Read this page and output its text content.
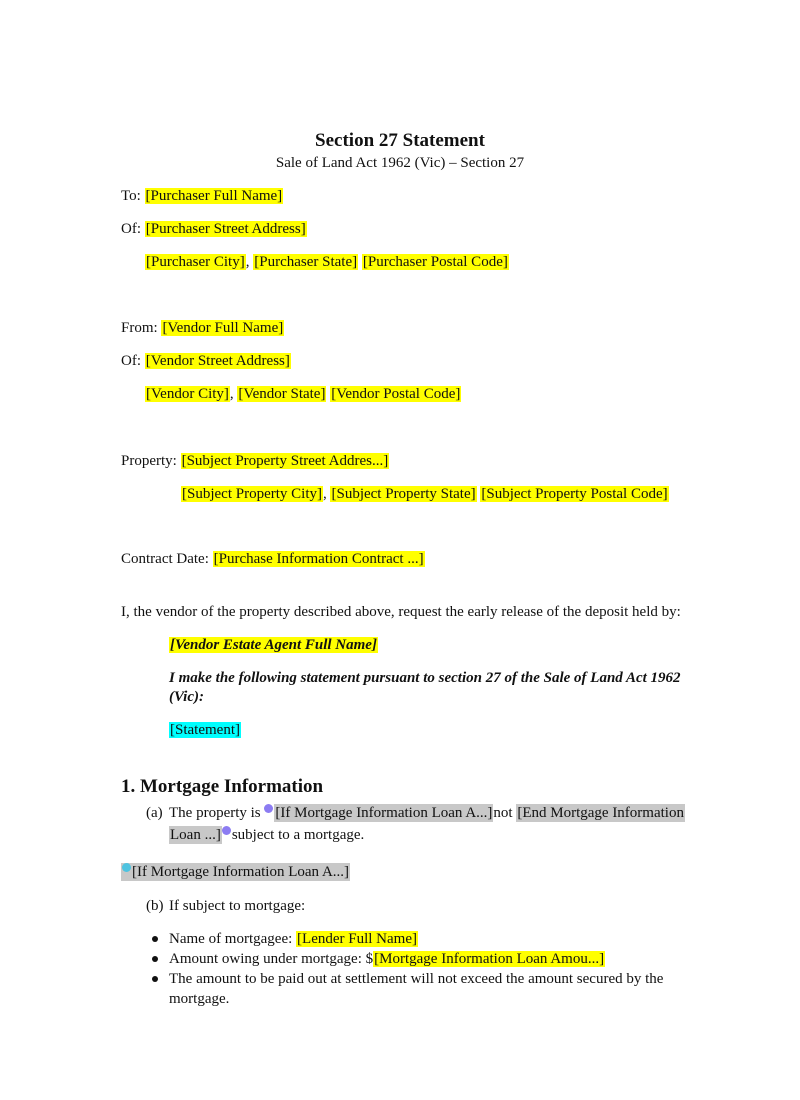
Section 27 Statement
Sale of Land Act 1962 (Vic) – Section 27
To: [Purchaser Full Name]
Of: [Purchaser Street Address]
[Purchaser City], [Purchaser State] [Purchaser Postal Code]
From: [Vendor Full Name]
Of: [Vendor Street Address]
[Vendor City], [Vendor State] [Vendor Postal Code]
Property: [Subject Property Street Addres...]
[Subject Property City], [Subject Property State] [Subject Property Postal Code]
Contract Date: [Purchase Information Contract ...]
I, the vendor of the property described above, request the early release of the deposit held by:
[Vendor Estate Agent Full Name]
I make the following statement pursuant to section 27 of the Sale of Land Act 1962
(Vic):
[Statement]
1. Mortgage Information
(a) The property is [If Mortgage Information Loan A...]not [End Mortgage Information
Loan ...] subject to a mortgage.
[If Mortgage Information Loan A...]
(b) If subject to mortgage:
Name of mortgagee: [Lender Full Name]
Amount owing under mortgage: $[Mortgage Information Loan Amou...]
The amount to be paid out at settlement will not exceed the amount secured by the mortgage.
